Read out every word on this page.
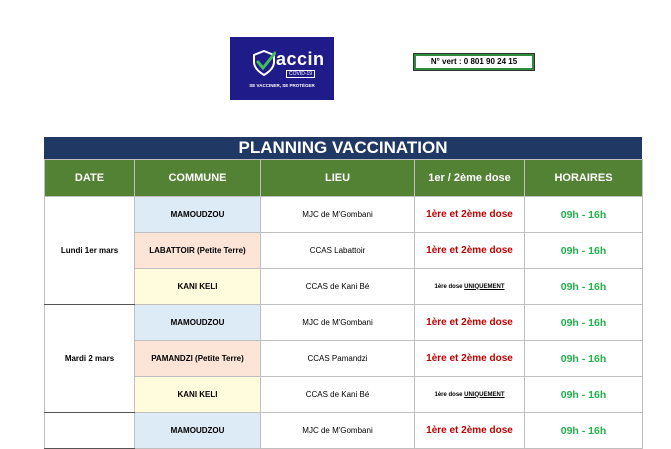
accin
COVID-19
SE VACCINER, SE PROTÉGER
N° vert : 0 801 90 24 15
PLANNING VACCINATION
DATE	COMMUNE	LIEU	1er / 2ème dose	HORAIRES
Lundi 1er mars	MAMOUDZOU	MJC de M'Gombani	1ère et 2ème dose	09h - 16h
	LABATTOIR (Petite Terre)	CCAS Labattoir	1ère et 2ème dose	09h - 16h
	KANI KELI	CCAS de Kani Bé	1ère dose UNIQUEMENT	09h - 16h
Mardi 2 mars	MAMOUDZOU	MJC de M'Gombani	1ère et 2ème dose	09h - 16h
	PAMANDZI (Petite Terre)	CCAS Pamandzi	1ère et 2ème dose	09h - 16h
	KANI KELI	CCAS de Kani Bé	1ère dose UNIQUEMENT	09h - 16h
	MAMOUDZOU	MJC de M'Gombani	1ère et 2ème dose	09h - 16h
